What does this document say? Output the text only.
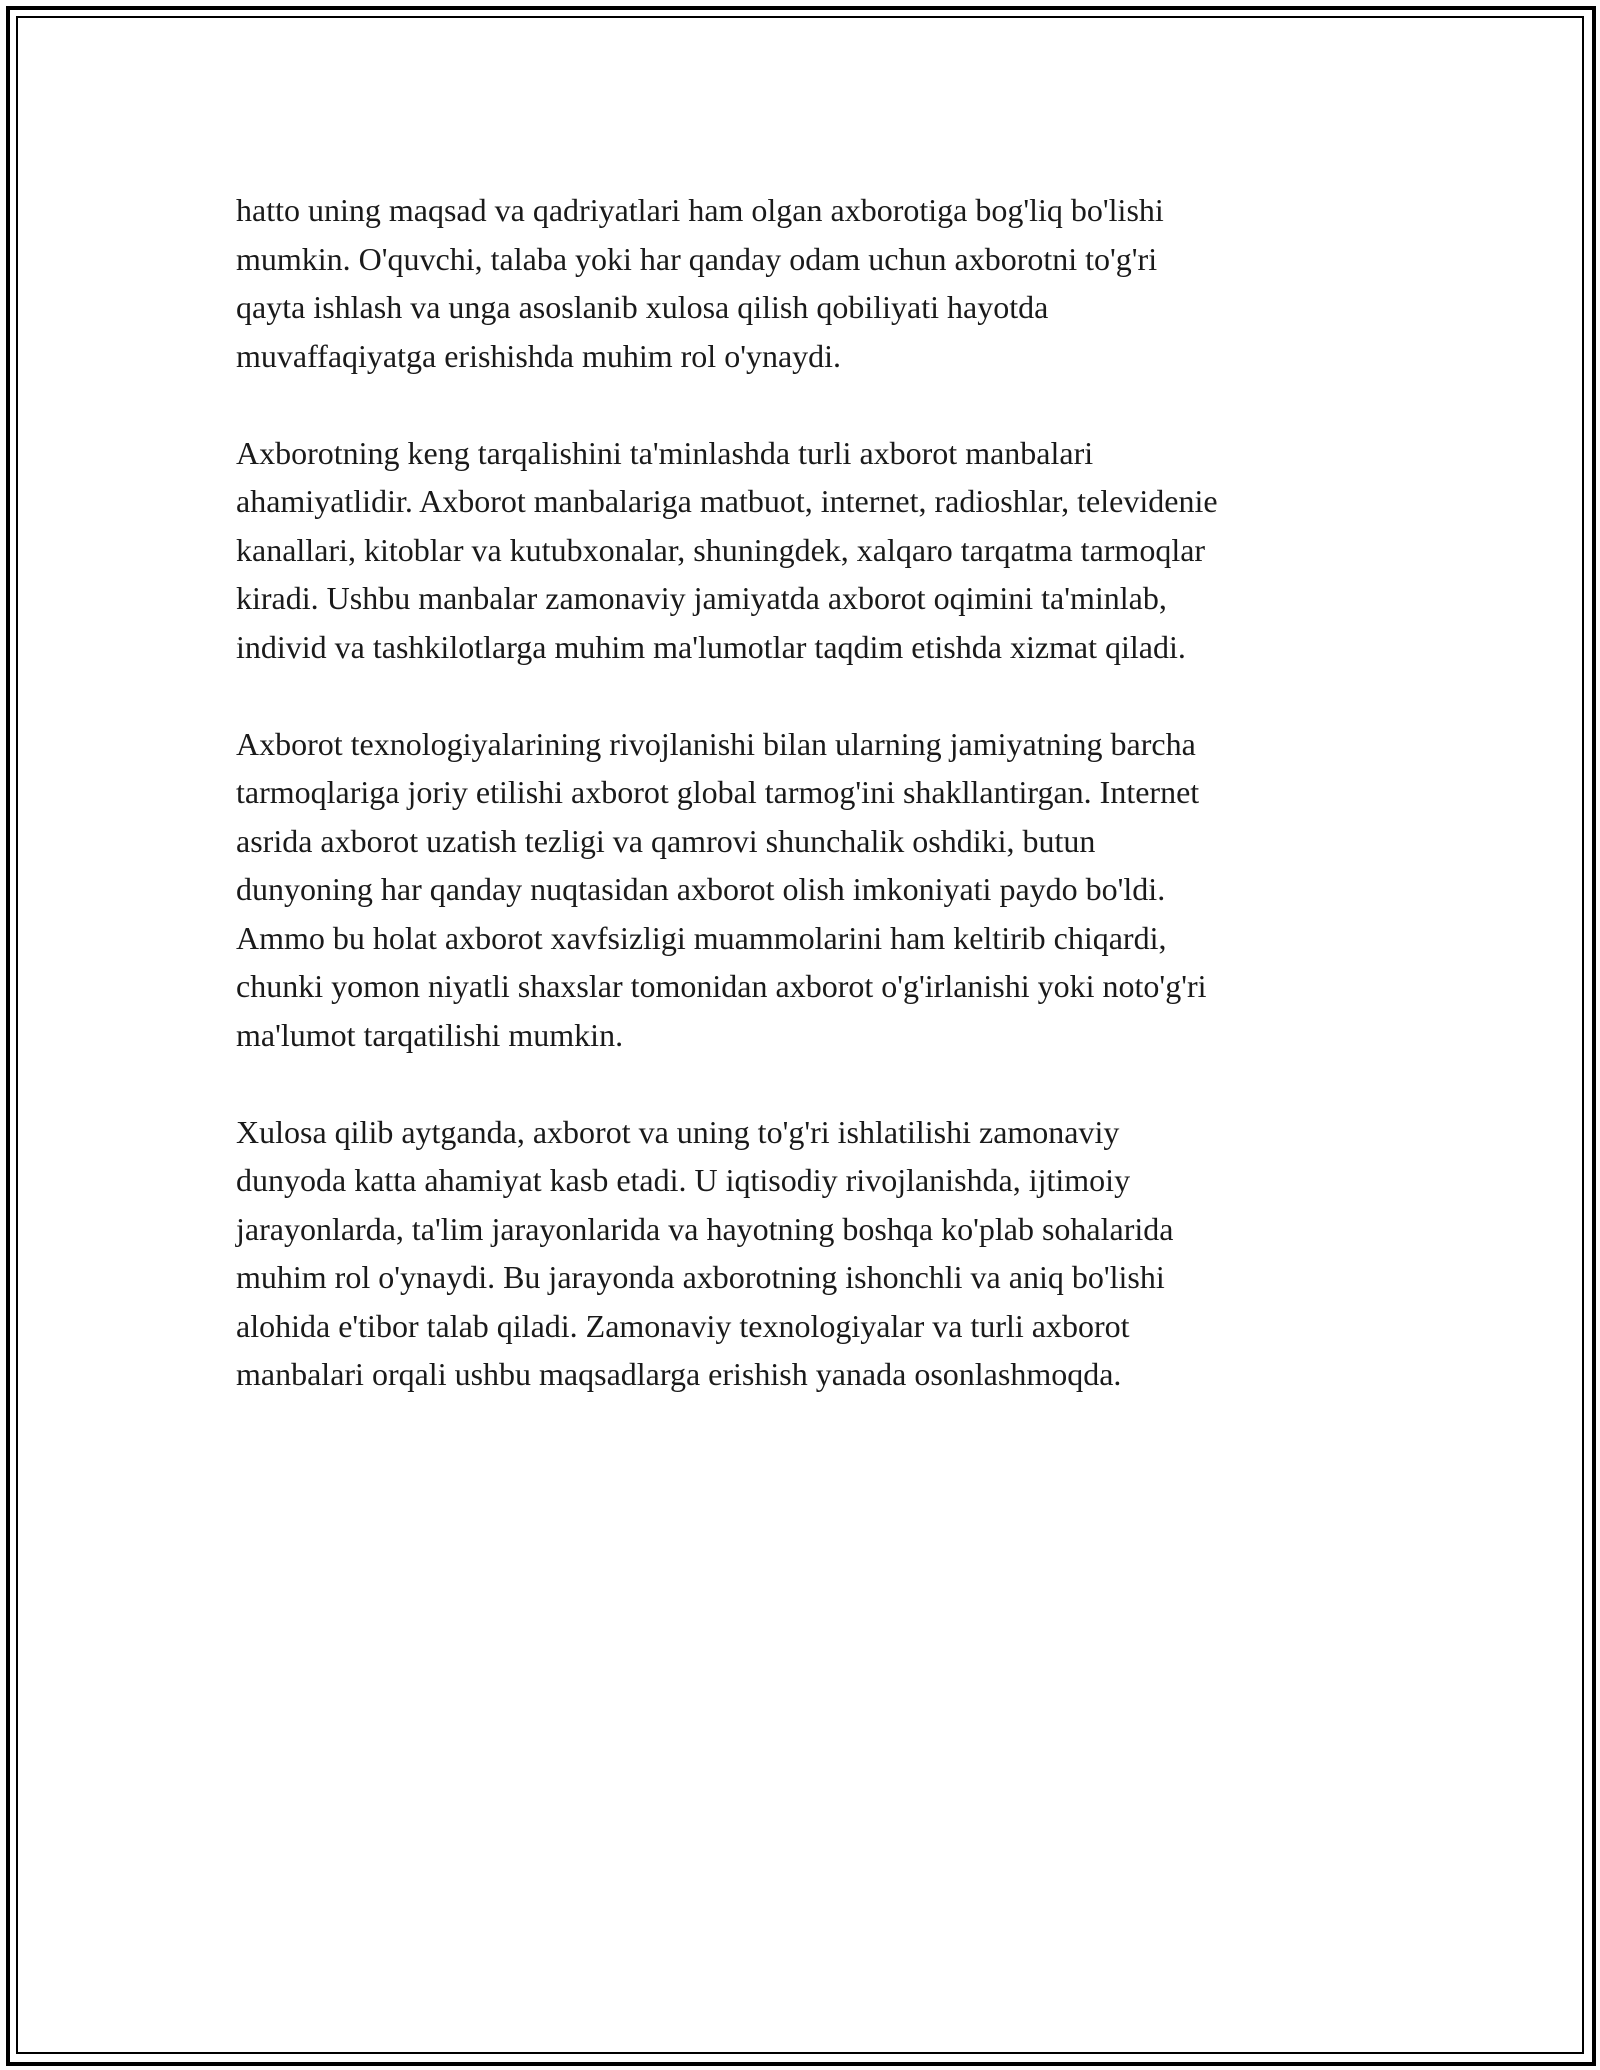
hatto uning maqsad va qadriyatlari ham olgan axborotiga bog'liq bo'lishi
mumkin. O'quvchi, talaba yoki har qanday odam uchun axborotni to'g'ri
qayta ishlash va unga asoslanib xulosa qilish qobiliyati hayotda
muvaffaqiyatga erishishda muhim rol o'ynaydi.

Axborotning keng tarqalishini ta'minlashda turli axborot manbalari
ahamiyatlidir. Axborot manbalariga matbuot, internet, radioshlar, televidenie
kanallari, kitoblar va kutubxonalar, shuningdek, xalqaro tarqatma tarmoqlar
kiradi. Ushbu manbalar zamonaviy jamiyatda axborot oqimini ta'minlab,
individ va tashkilotlarga muhim ma'lumotlar taqdim etishda xizmat qiladi.

Axborot texnologiyalarining rivojlanishi bilan ularning jamiyatning barcha
tarmoqlariga joriy etilishi axborot global tarmog'ini shakllantirgan. Internet
asrida axborot uzatish tezligi va qamrovi shunchalik oshdiki, butun
dunyoning har qanday nuqtasidan axborot olish imkoniyati paydo bo'ldi.
Ammo bu holat axborot xavfsizligi muammolarini ham keltirib chiqardi,
chunki yomon niyatli shaxslar tomonidan axborot o'g'irlanishi yoki noto'g'ri
ma'lumot tarqatilishi mumkin.

Xulosa qilib aytganda, axborot va uning to'g'ri ishlatilishi zamonaviy
dunyoda katta ahamiyat kasb etadi. U iqtisodiy rivojlanishda, ijtimoiy
jarayonlarda, ta'lim jarayonlarida va hayotning boshqa ko'plab sohalarida
muhim rol o'ynaydi. Bu jarayonda axborotning ishonchli va aniq bo'lishi
alohida e'tibor talab qiladi. Zamonaviy texnologiyalar va turli axborot
manbalari orqali ushbu maqsadlarga erishish yanada osonlashmoqda.
